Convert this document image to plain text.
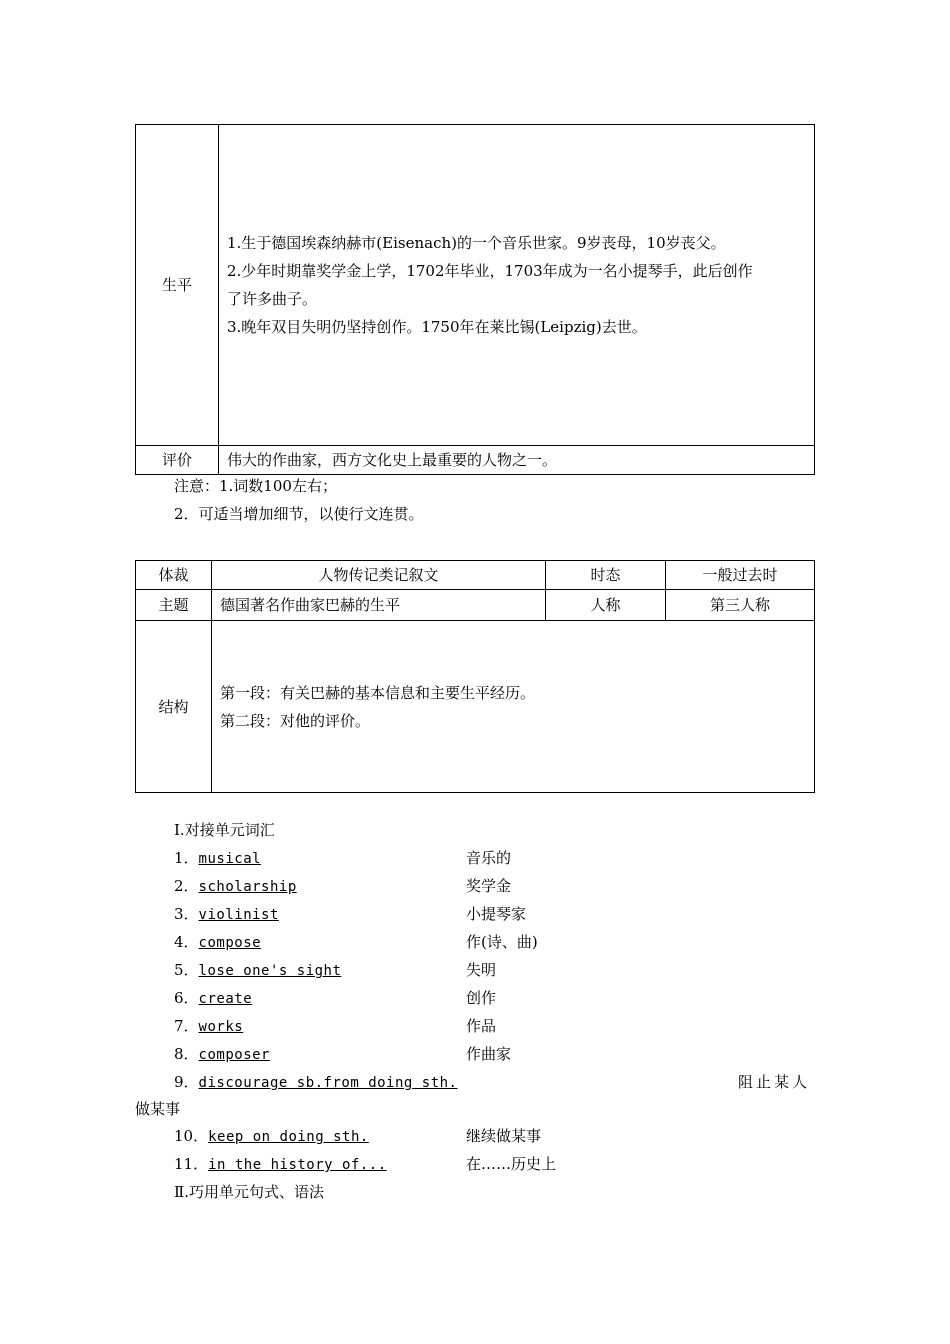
生平	1.生于德国埃森纳赫市(Eisenach)的一个音乐世家。9岁丧母，10岁丧父。
2.少年时期靠奖学金上学，1702年毕业，1703年成为一名小提琴手，此后创作
了许多曲子。
3.晚年双目失明仍坚持创作。1750年在莱比锡(Leipzig)去世。

评价	伟大的作曲家，西方文化史上最重要的人物之一。
注意：1.词数100左右；
2．可适当增加细节，以使行文连贯。
体裁	人物传记类记叙文	时态	一般过去时
主题	德国著名作曲家巴赫的生平	人称	第三人称
结构	第一段：有关巴赫的基本信息和主要生平经历。
第二段：对他的评价。		
Ⅰ.对接单元词汇
1．musical	音乐的
2．scholarship	奖学金
3．violinist	小提琴家
4．compose	作(诗、曲)
5．lose one's sight	失明
6．create	创作
7．works	作品
8．composer	作曲家
9．discourage sb.from doing sth.	阻止某人
做某事
10．keep on doing sth.	继续做某事
11．in the history of...	在……历史上
Ⅱ.巧用单元句式、语法
